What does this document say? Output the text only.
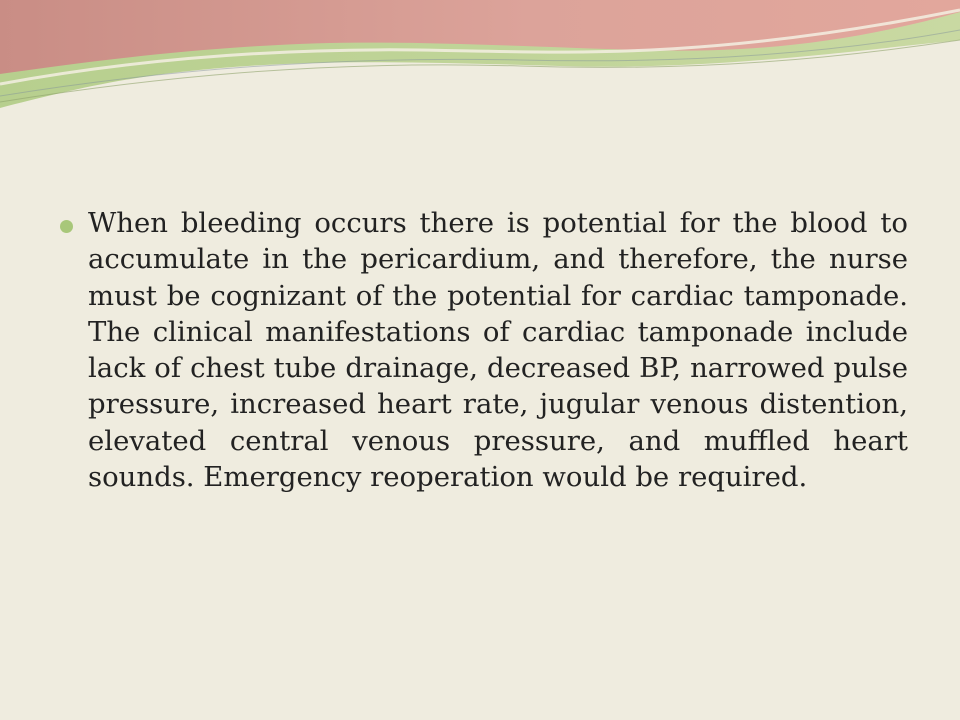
When bleeding occurs there is potential for the blood to accumulate in the pericardium, and therefore, the nurse must be cognizant of the potential for cardiac tamponade. The clinical manifestations of cardiac tamponade include lack of chest tube drainage, decreased BP, narrowed pulse pressure, increased heart rate, jugular venous distention, elevated central venous pressure, and muffled heart sounds. Emergency reoperation would be required.
